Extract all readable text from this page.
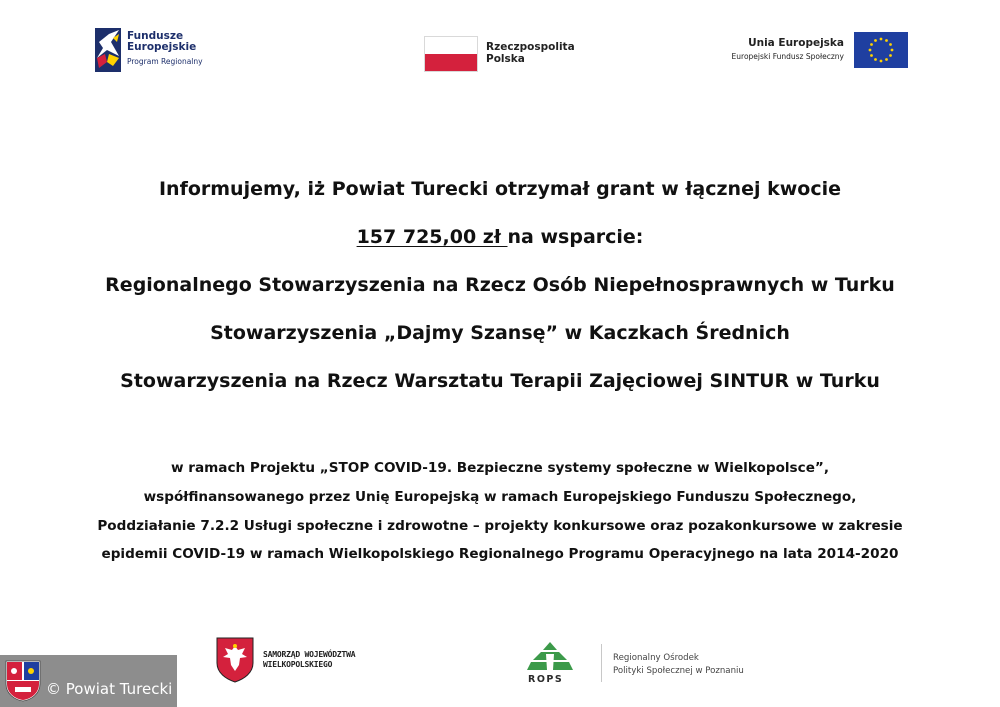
Fundusze
Europejskie
Program Regionalny
Rzeczpospolita
Polska
Unia Europejska
Europejski Fundusz Społeczny
Informujemy, iż Powiat Turecki otrzymał grant w łącznej kwocie
157 725,00 zł na wsparcie:
Regionalnego Stowarzyszenia na Rzecz Osób Niepełnosprawnych w Turku
Stowarzyszenia „Dajmy Szansę” w Kaczkach Średnich
Stowarzyszenia na Rzecz Warsztatu Terapii Zajęciowej SINTUR w Turku
w ramach Projektu „STOP COVID-19. Bezpieczne systemy społeczne w Wielkopolsce”,
współfinansowanego przez Unię Europejską w ramach Europejskiego Funduszu Społecznego,
Poddziałanie 7.2.2 Usługi społeczne i zdrowotne – projekty konkursowe oraz pozakonkursowe w zakresie
epidemii COVID-19 w ramach Wielkopolskiego Regionalnego Programu Operacyjnego na lata 2014-2020
SAMORZĄD WOJEWÓDZTWA
WIELKOPOLSKIEGO
ROPS
Regionalny Ośrodek
Polityki Społecznej w Poznaniu
© Powiat Turecki
